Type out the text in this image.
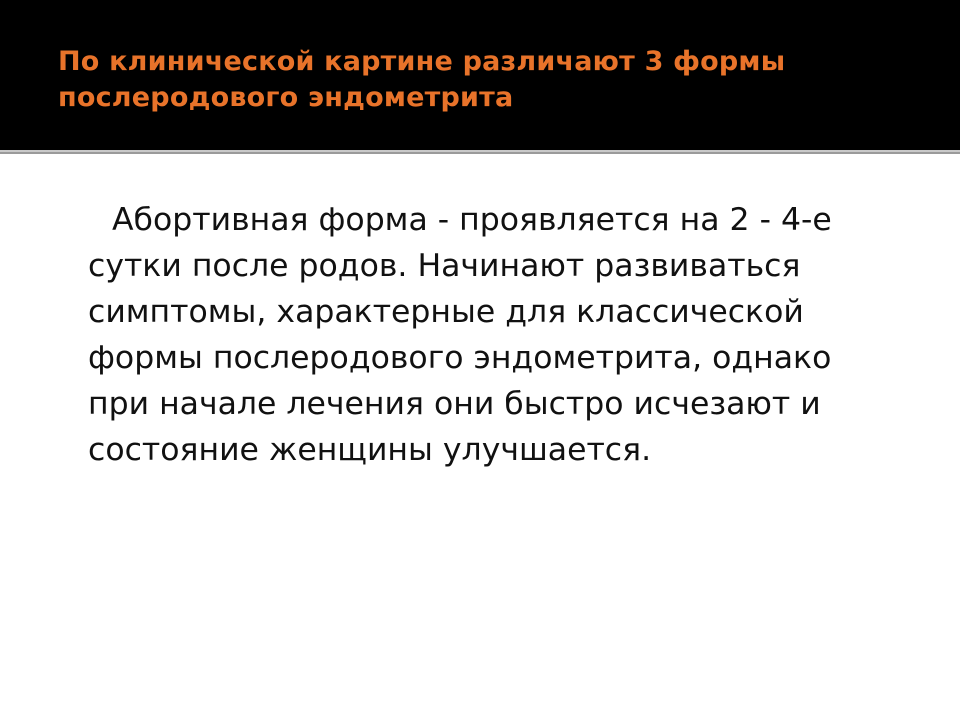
По клинической картине различают 3 формы послеродового эндометрита
Абортивная форма - проявляется на 2 - 4-е сутки после родов. Начинают развиваться симптомы, характерные для классической формы послеродового эндометрита, однако при начале лечения они быстро исчезают и состояние женщины улучшается.
